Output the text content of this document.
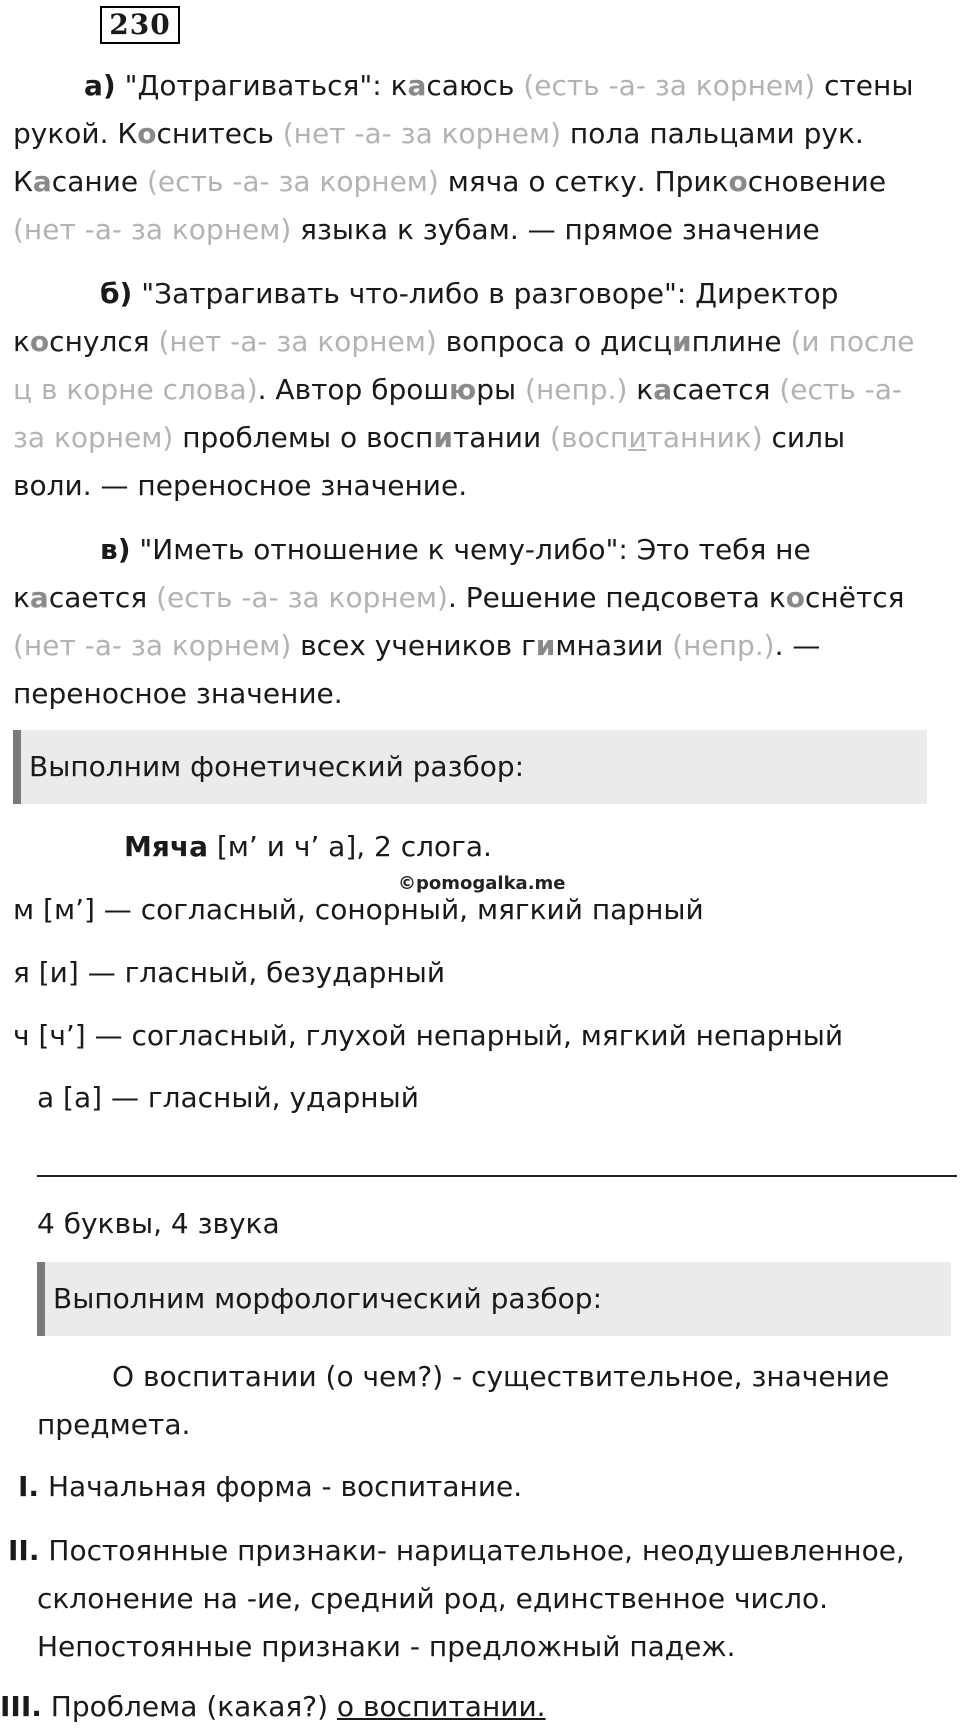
230
а) "Дотрагиваться": касаюсь (есть -а- за корнем) стены
рукой. Коснитесь (нет -а- за корнем) пола пальцами рук.
Касание (есть -а- за корнем) мяча о сетку. Прикосновение
(нет -а- за корнем) языка к зубам. — прямое значение
б) "Затрагивать что-либо в разговоре": Директор
коснулся (нет -а- за корнем) вопроса о дисциплине (и после
ц в корне слова). Автор брошюры (непр.) касается (есть -а-
за корнем) проблемы о воспитании (воспитанник) силы
воли. — переносное значение.
в) "Иметь отношение к чему-либо": Это тебя не
касается (есть -а- за корнем). Решение педсовета коснётся
(нет -а- за корнем) всех учеников гимназии (непр.). —
переносное значение.
Выполним фонетический разбор:
Мяча [м’ и ч’ а], 2 слога.
©pomogalka.me
м [м’] — согласный, сонорный, мягкий парный
я [и] — гласный, безударный
ч [ч’] — согласный, глухой непарный, мягкий непарный
а [а] — гласный, ударный
4 буквы, 4 звука
Выполним морфологический разбор:
О воспитании (о чем?) - существительное, значение
предмета.
I. Начальная форма - воспитание.
II. Постоянные признаки- нарицательное, неодушевленное,
склонение на -ие, средний род, единственное число.
Непостоянные признаки - предложный падеж.
III. Проблема (какая?) о воспитании.
